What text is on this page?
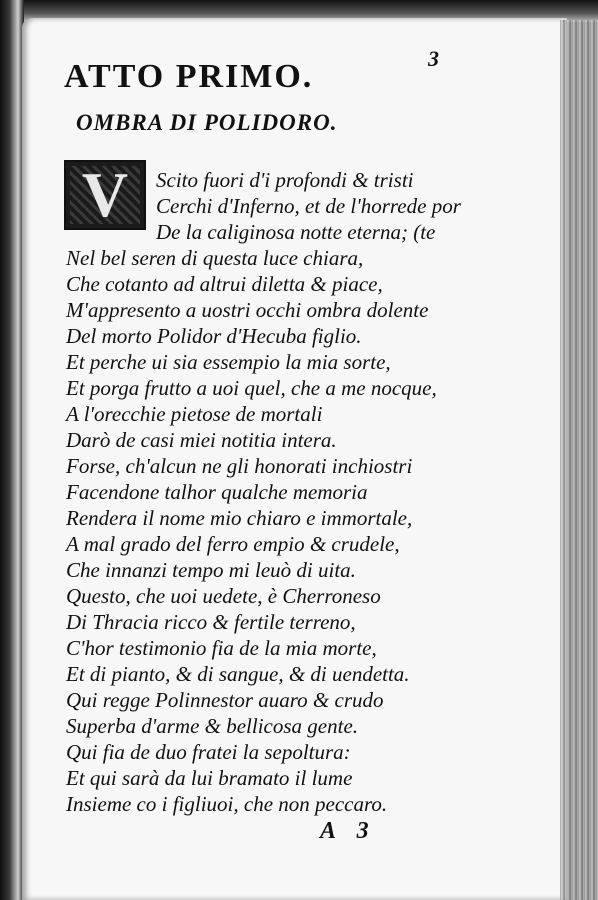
3
ATTO PRIMO.
OMBRA DI POLIDORO.
V Scito fuori d'i profondi & tristi
Cerchi d'Inferno, et de l'horrede por
De la caliginosa notte eterna; (te
Nel bel seren di questa luce chiara,
Che cotanto ad altrui diletta & piace,
M'appresento a uostri occhi ombra dolente
Del morto Polidor d'Hecuba figlio.
Et perche ui sia essempio la mia sorte,
Et porga frutto a uoi quel, che a me nocque,
A l'orecchie pietose de mortali
Darò de casi miei notitia intera.
Forse, ch'alcun ne gli honorati inchiostri
Facendone talhor qualche memoria
Rendera il nome mio chiaro e immortale,
A mal grado del ferro empio & crudele,
Che innanzi tempo mi leuò di uita.
Questo, che uoi uedete, è Cherroneso
Di Thracia ricco & fertile terreno,
C'hor testimonio fia de la mia morte,
Et di pianto, & di sangue, & di uendetta.
Qui regge Polinnestor auaro & crudo
Superba d'arme & bellicosa gente.
Qui fia de duo fratei la sepoltura:
Et qui sarà da lui bramato il lume
Insieme co i figliuoi, che non peccaro.
A 3
